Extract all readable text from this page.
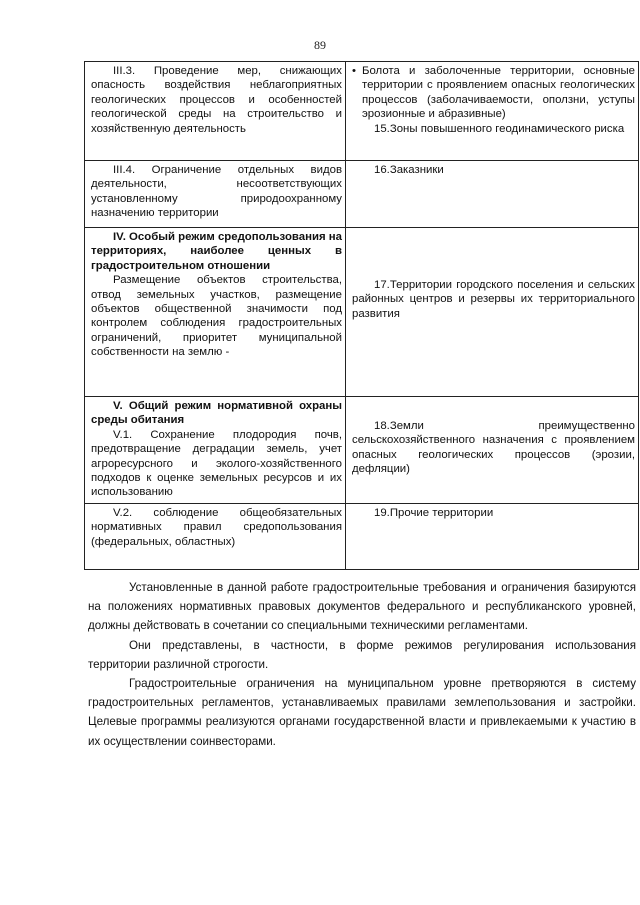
89
III.3. Проведение мер, снижающих опасность воздействия неблагоприятных геологических процессов и особенностей геологической среды на строительство и хозяйственную деятельность	• Болота и заболоченные территории, основные территории с проявлением опасных геологических процессов (заболачиваемости, оползни, уступы эрозионные и абразивные)
15.Зоны повышенного геодинамического риска

III.4. Ограничение отдельных видов деятельности, несоответствующих установленному природоохранному назначению территории	16.Заказники

IV. Особый режим средопользования на территориях, наиболее ценных в градостроительном отношении
Размещение объектов строительства, отвод земельных участков, размещение объектов общественной значимости под контролем соблюдения градостроительных ограничений, приоритет муниципальной собственности на землю -	17.Территории городского поселения и сельских районных центров и резервы их территориального развития

V. Общий режим нормативной охраны среды обитания
V.1. Сохранение плодородия почв, предотвращение деградации земель, учет агроресурсного и эколого-хозяйственного подходов к оценке земельных ресурсов и их использованию	18.Земли преимущественно сельскохозяйственного назначения с проявлением опасных геологических процессов (эрозии, дефляции)

V.2. соблюдение общеобязательных нормативных правил средопользования (федеральных, областных)	19.Прочие территории

Установленные в данной работе градостроительные требования и ограничения базируются на положениях нормативных правовых документов федерального и республиканского уровней, должны действовать в сочетании со специальными техническими регламентами.

Они представлены, в частности, в форме режимов регулирования использования территории различной строгости.

Градостроительные ограничения на муниципальном уровне претворяются в систему градостроительных регламентов, устанавливаемых правилами землепользования и застройки. Целевые программы реализуются органами государственной власти и привлекаемыми к участию в их осуществлении соинвесторами.
